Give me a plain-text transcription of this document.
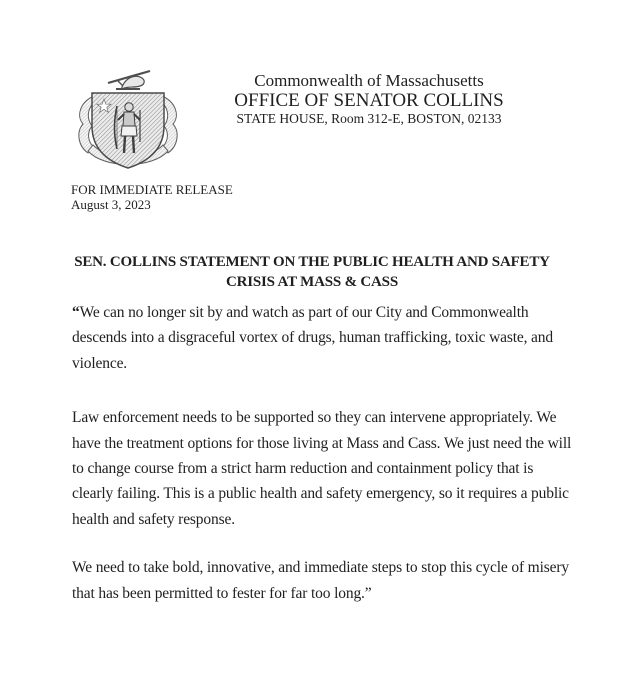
Commonwealth of Massachusetts
OFFICE OF SENATOR COLLINS
STATE HOUSE, Room 312-E, BOSTON, 02133
FOR IMMEDIATE RELEASE
August 3, 2023
SEN. COLLINS STATEMENT ON THE PUBLIC HEALTH AND SAFETY
CRISIS AT MASS & CASS
“We can no longer sit by and watch as part of our City and Commonwealth
descends into a disgraceful vortex of drugs, human trafficking, toxic waste, and
violence.
Law enforcement needs to be supported so they can intervene appropriately. We
have the treatment options for those living at Mass and Cass. We just need the will
to change course from a strict harm reduction and containment policy that is
clearly failing. This is a public health and safety emergency, so it requires a public
health and safety response.
We need to take bold, innovative, and immediate steps to stop this cycle of misery
that has been permitted to fester for far too long.”
